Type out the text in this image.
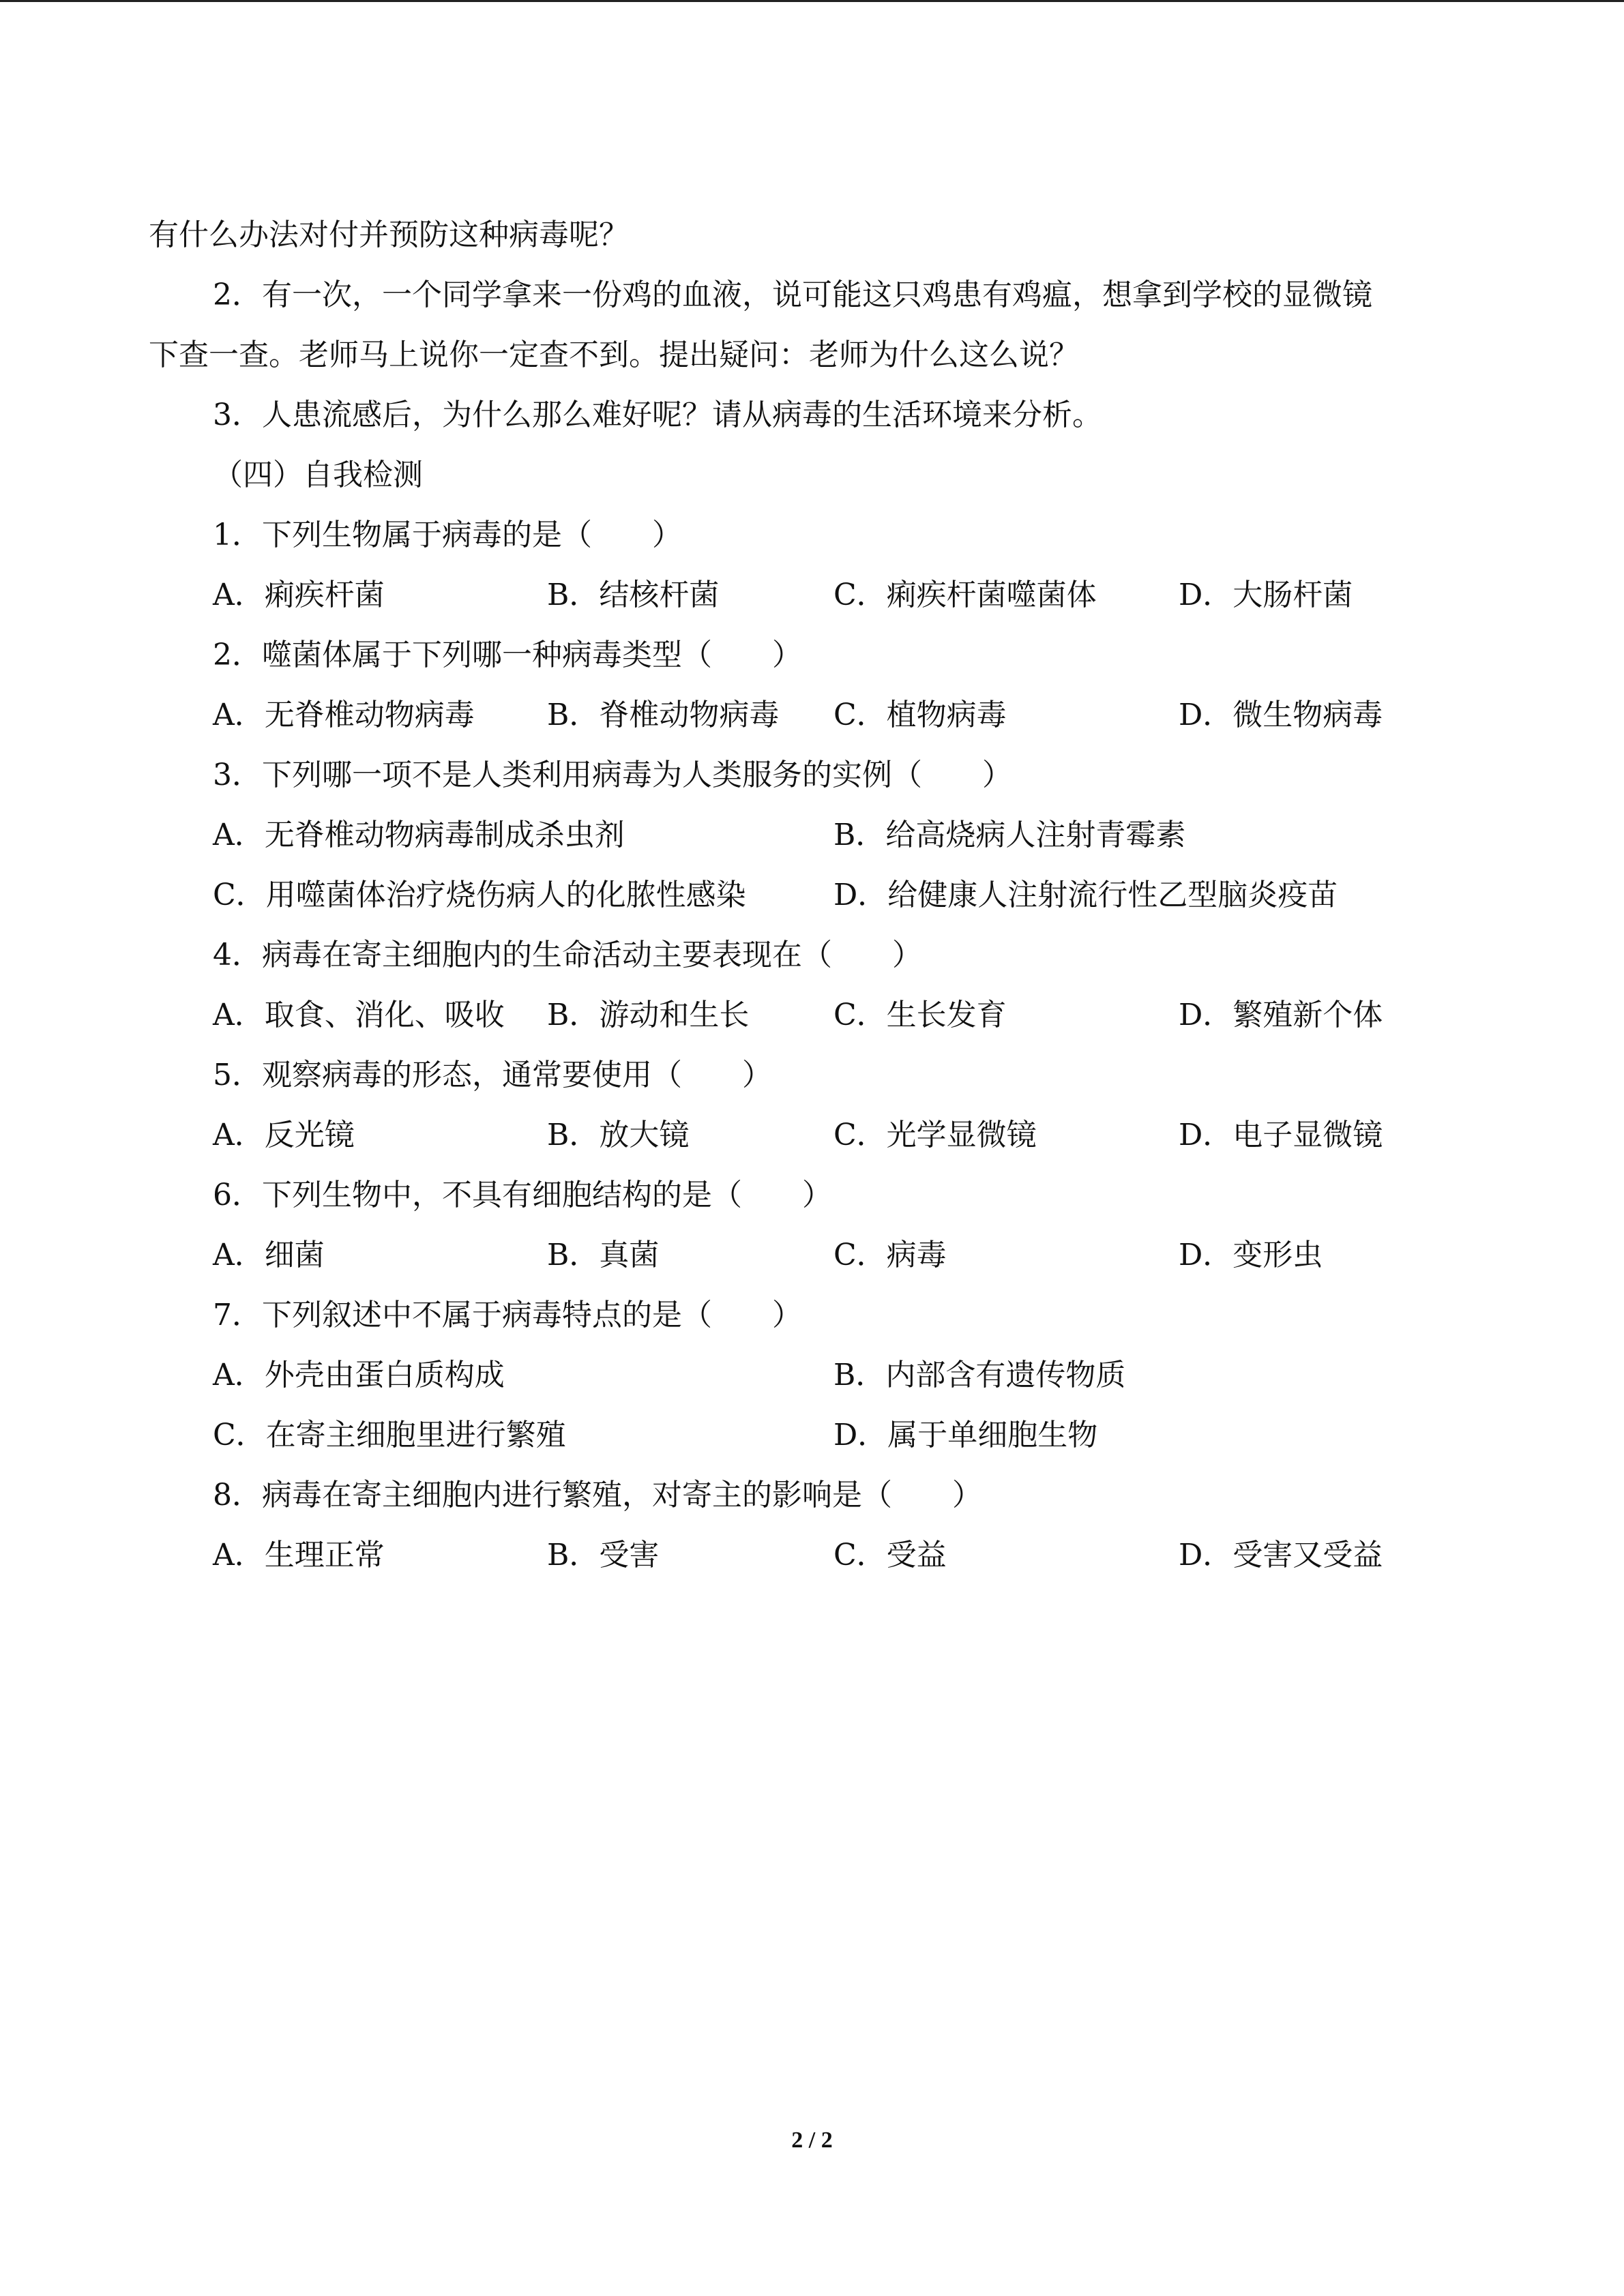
有什么办法对付并预防这种病毒呢？
2．有一次，一个同学拿来一份鸡的血液，说可能这只鸡患有鸡瘟，想拿到学校的显微镜
下查一查。老师马上说你一定查不到。提出疑问：老师为什么这么说？
3．人患流感后，为什么那么难好呢？请从病毒的生活环境来分析。
（四）自我检测
1．下列生物属于病毒的是（　　）
A．痢疾杆菌	B．结核杆菌	C．痢疾杆菌噬菌体	D．大肠杆菌
2．噬菌体属于下列哪一种病毒类型（　　）
A．无脊椎动物病毒 B．脊椎动物病毒 C．植物病毒	D．微生物病毒
3．下列哪一项不是人类利用病毒为人类服务的实例（　　）
A．无脊椎动物病毒制成杀虫剂	B．给高烧病人注射青霉素
C．用噬菌体治疗烧伤病人的化脓性感染	D．给健康人注射流行性乙型脑炎疫苗
4．病毒在寄主细胞内的生命活动主要表现在（　　）
A．取食、消化、吸收 B．游动和生长	C．生长发育	D．繁殖新个体
5．观察病毒的形态，通常要使用（　　）
A．反光镜	B．放大镜	C．光学显微镜	D．电子显微镜
6．下列生物中，不具有细胞结构的是（　　）
A．细菌	B．真菌	C．病毒	D．变形虫
7．下列叙述中不属于病毒特点的是（　　）
A．外壳由蛋白质构成	B．内部含有遗传物质
C．在寄主细胞里进行繁殖	D．属于单细胞生物
8．病毒在寄主细胞内进行繁殖，对寄主的影响是（　　）
A．生理正常	B．受害	C．受益	D．受害又受益
2 / 2
